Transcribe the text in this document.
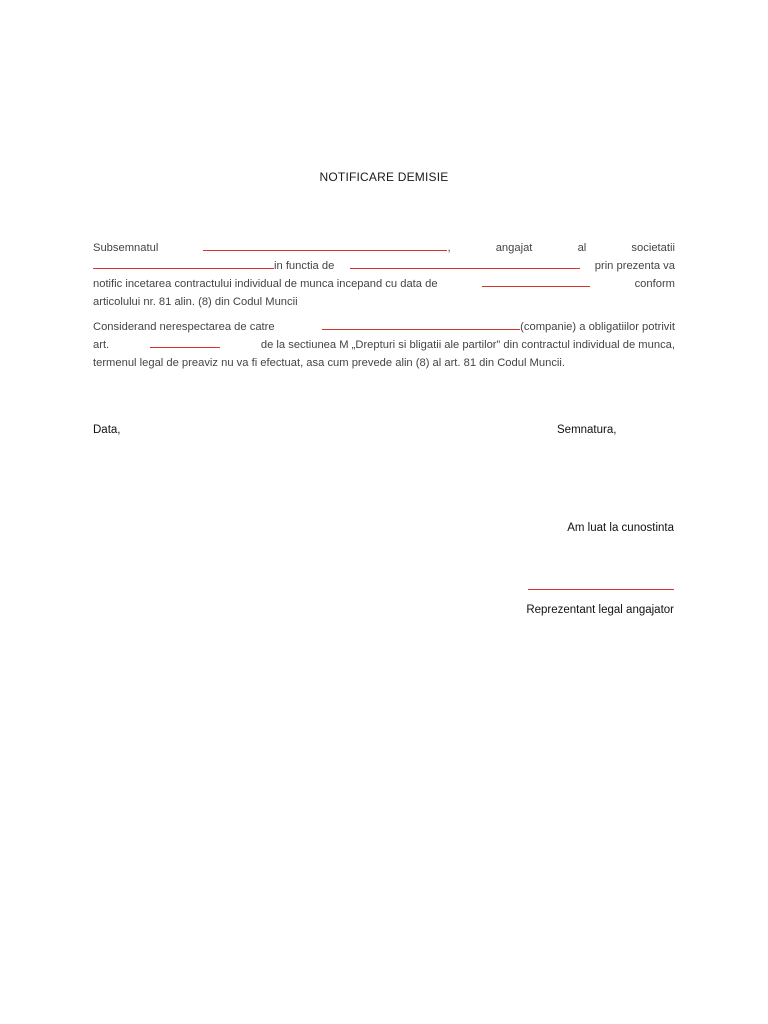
NOTIFICARE DEMISIE
Subsemnatul	,	angajat	al	societatii
in functia de	prin prezenta va
notific incetarea contractului individual de munca incepand cu data de	conform
articolului nr. 81 alin. (8) din Codul Muncii
Considerand nerespectarea de catre	(companie) a obligatiilor potrivit
art.	de la sectiunea M „Drepturi si bligatii ale partilor” din contractul individual de munca,
termenul legal de preaviz nu va fi efectuat, asa cum prevede alin (8) al art. 81 din Codul Muncii.
Data,	Semnatura,
Am luat la cunostinta
Reprezentant legal angajator
